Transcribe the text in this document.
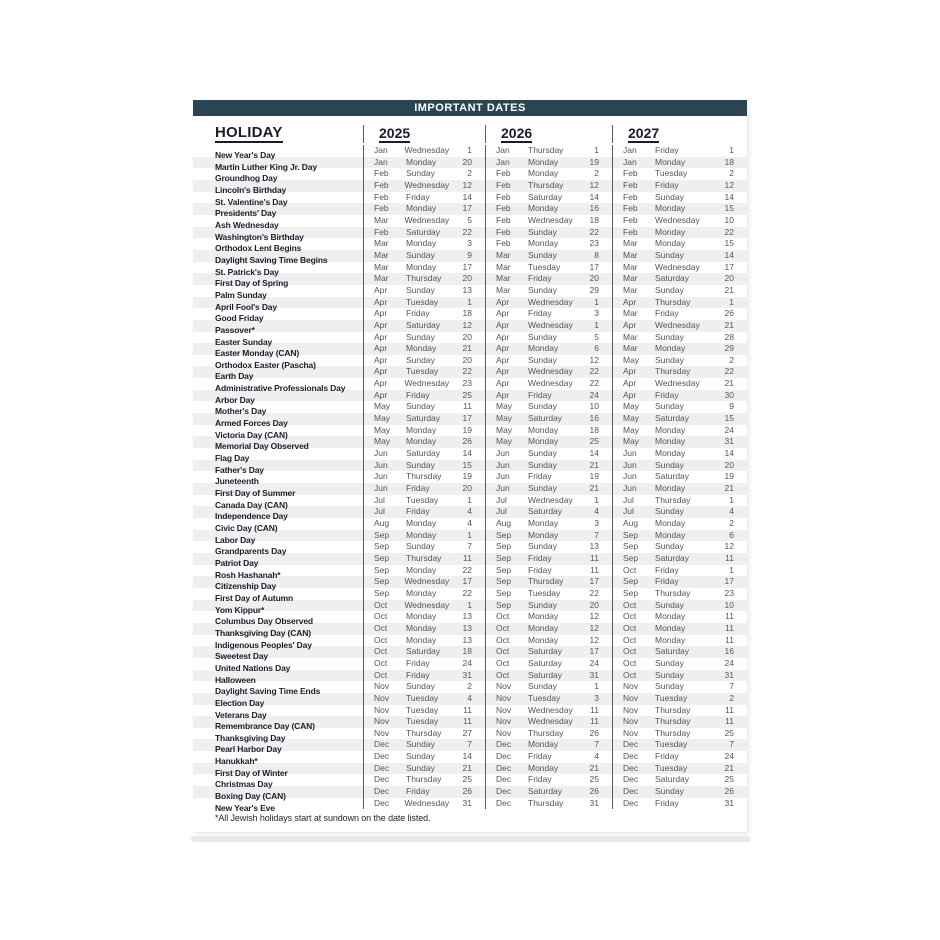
IMPORTANT DATES
HOLIDAY	2025	2026	2027
New Year's Day	Jan	Wednesday	1	Jan	Thursday	1	Jan	Friday	1
Martin Luther King Jr. Day	Jan	Monday	20	Jan	Monday	19	Jan	Monday	18
Groundhog Day	Feb	Sunday	2	Feb	Monday	2	Feb	Tuesday	2
Lincoln's Birthday	Feb	Wednesday	12	Feb	Thursday	12	Feb	Friday	12
St. Valentine's Day	Feb	Friday	14	Feb	Saturday	14	Feb	Sunday	14
Presidents' Day	Feb	Monday	17	Feb	Monday	16	Feb	Monday	15
Ash Wednesday	Mar	Wednesday	5	Feb	Wednesday	18	Feb	Wednesday	10
Washington's Birthday	Feb	Saturday	22	Feb	Sunday	22	Feb	Monday	22
Orthodox Lent Begins	Mar	Monday	3	Feb	Monday	23	Mar	Monday	15
Daylight Saving Time Begins	Mar	Sunday	9	Mar	Sunday	8	Mar	Sunday	14
St. Patrick's Day	Mar	Monday	17	Mar	Tuesday	17	Mar	Wednesday	17
First Day of Spring	Mar	Thursday	20	Mar	Friday	20	Mar	Saturday	20
Palm Sunday	Apr	Sunday	13	Mar	Sunday	29	Mar	Sunday	21
April Fool's Day	Apr	Tuesday	1	Apr	Wednesday	1	Apr	Thursday	1
Good Friday	Apr	Friday	18	Apr	Friday	3	Mar	Friday	26
Passover*	Apr	Saturday	12	Apr	Wednesday	1	Apr	Wednesday	21
Easter Sunday	Apr	Sunday	20	Apr	Sunday	5	Mar	Sunday	28
Easter Monday (CAN)	Apr	Monday	21	Apr	Monday	6	Mar	Monday	29
Orthodox Easter (Pascha)	Apr	Sunday	20	Apr	Sunday	12	May	Sunday	2
Earth Day	Apr	Tuesday	22	Apr	Wednesday	22	Apr	Thursday	22
Administrative Professionals Day	Apr	Wednesday	23	Apr	Wednesday	22	Apr	Wednesday	21
Arbor Day	Apr	Friday	25	Apr	Friday	24	Apr	Friday	30
Mother's Day	May	Sunday	11	May	Sunday	10	May	Sunday	9
Armed Forces Day	May	Saturday	17	May	Saturday	16	May	Saturday	15
Victoria Day (CAN)	May	Monday	19	May	Monday	18	May	Monday	24
Memorial Day Observed	May	Monday	26	May	Monday	25	May	Monday	31
Flag Day	Jun	Saturday	14	Jun	Sunday	14	Jun	Monday	14
Father's Day	Jun	Sunday	15	Jun	Sunday	21	Jun	Sunday	20
Juneteenth	Jun	Thursday	19	Jun	Friday	19	Jun	Saturday	19
First Day of Summer	Jun	Friday	20	Jun	Sunday	21	Jun	Monday	21
Canada Day (CAN)	Jul	Tuesday	1	Jul	Wednesday	1	Jul	Thursday	1
Independence Day	Jul	Friday	4	Jul	Saturday	4	Jul	Sunday	4
Civic Day (CAN)	Aug	Monday	4	Aug	Monday	3	Aug	Monday	2
Labor Day	Sep	Monday	1	Sep	Monday	7	Sep	Monday	6
Grandparents Day	Sep	Sunday	7	Sep	Sunday	13	Sep	Sunday	12
Patriot Day	Sep	Thursday	11	Sep	Friday	11	Sep	Saturday	11
Rosh Hashanah*	Sep	Monday	22	Sep	Friday	11	Oct	Friday	1
Citizenship Day	Sep	Wednesday	17	Sep	Thursday	17	Sep	Friday	17
First Day of Autumn	Sep	Monday	22	Sep	Tuesday	22	Sep	Thursday	23
Yom Kippur*	Oct	Wednesday	1	Sep	Sunday	20	Oct	Sunday	10
Columbus Day Observed	Oct	Monday	13	Oct	Monday	12	Oct	Monday	11
Thanksgiving Day (CAN)	Oct	Monday	13	Oct	Monday	12	Oct	Monday	11
Indigenous Peoples' Day	Oct	Monday	13	Oct	Monday	12	Oct	Monday	11
Sweetest Day	Oct	Saturday	18	Oct	Saturday	17	Oct	Saturday	16
United Nations Day	Oct	Friday	24	Oct	Saturday	24	Oct	Sunday	24
Halloween	Oct	Friday	31	Oct	Saturday	31	Oct	Sunday	31
Daylight Saving Time Ends	Nov	Sunday	2	Nov	Sunday	1	Nov	Sunday	7
Election Day	Nov	Tuesday	4	Nov	Tuesday	3	Nov	Tuesday	2
Veterans Day	Nov	Tuesday	11	Nov	Wednesday	11	Nov	Thursday	11
Remembrance Day (CAN)	Nov	Tuesday	11	Nov	Wednesday	11	Nov	Thursday	11
Thanksgiving Day	Nov	Thursday	27	Nov	Thursday	26	Nov	Thursday	25
Pearl Harbor Day	Dec	Sunday	7	Dec	Monday	7	Dec	Tuesday	7
Hanukkah*	Dec	Sunday	14	Dec	Friday	4	Dec	Friday	24
First Day of Winter	Dec	Sunday	21	Dec	Monday	21	Dec	Tuesday	21
Christmas Day	Dec	Thursday	25	Dec	Friday	25	Dec	Saturday	25
Boxing Day (CAN)	Dec	Friday	26	Dec	Saturday	26	Dec	Sunday	26
New Year's Eve	Dec	Wednesday	31	Dec	Thursday	31	Dec	Friday	31
*All Jewish holidays start at sundown on the date listed.
